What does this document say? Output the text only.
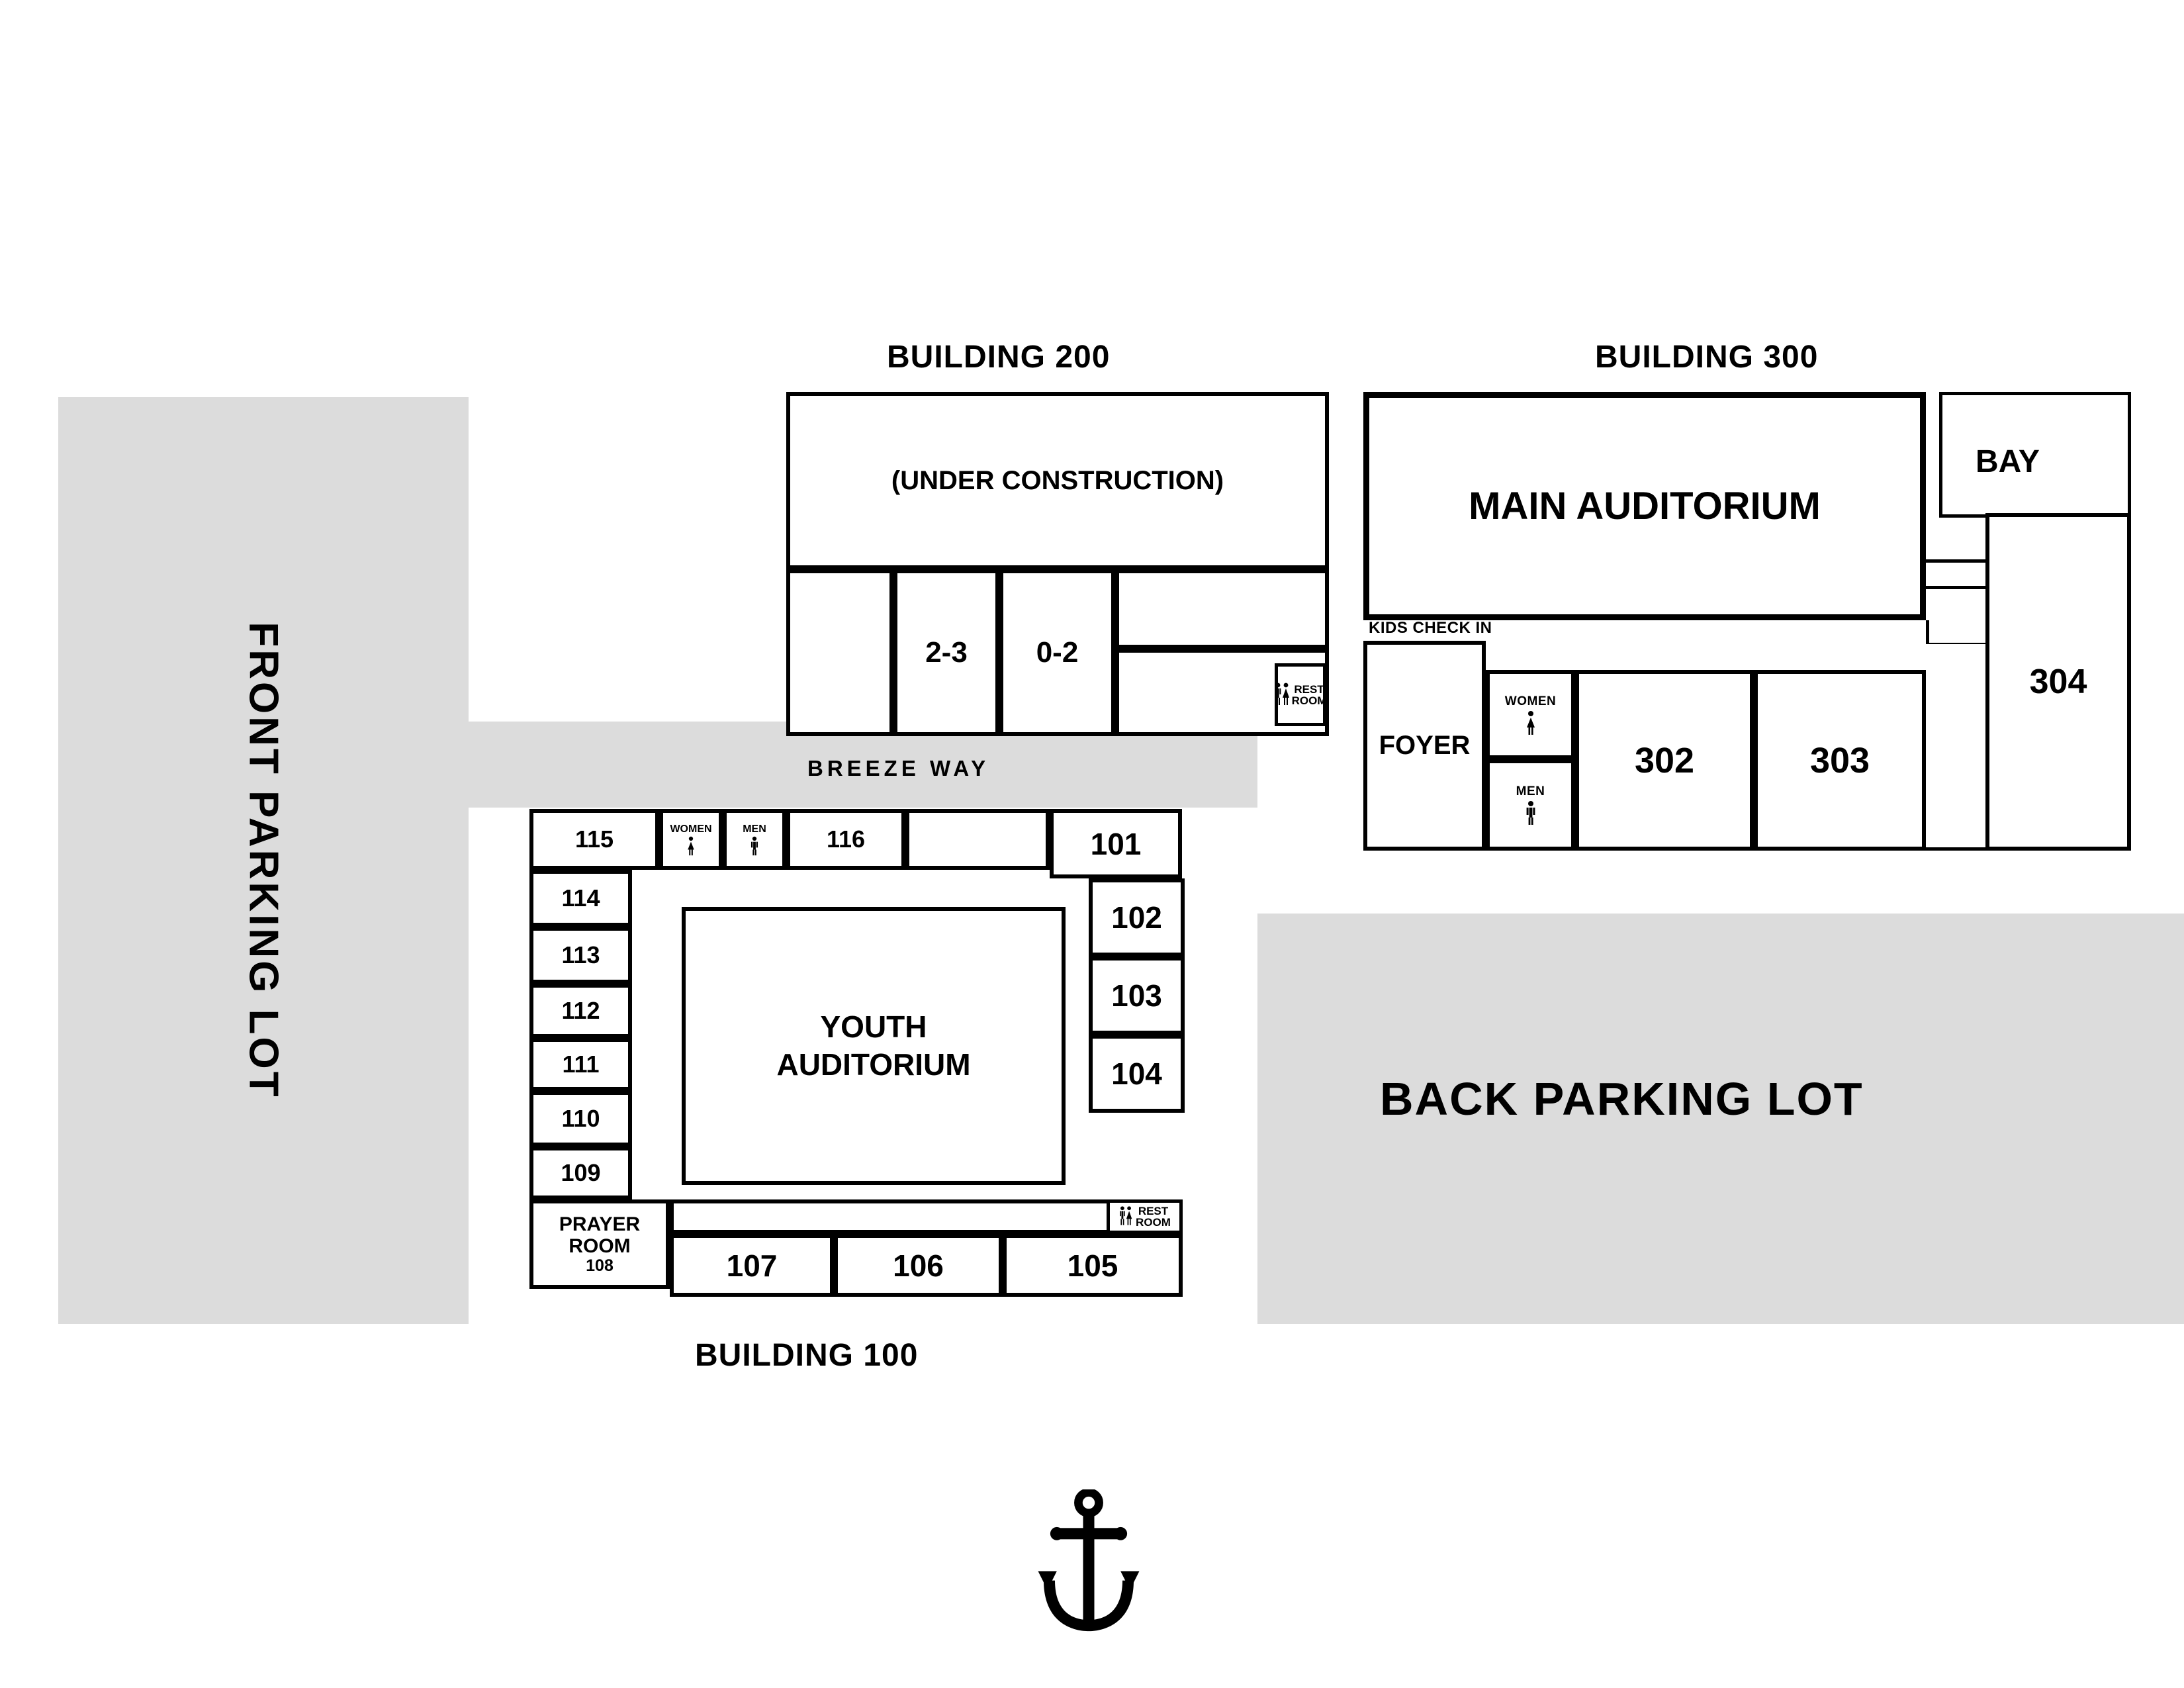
FRONT PARKING LOT	BACK PARKING LOT
BREEZE WAY
BUILDING 200
(UNDER CONSTRUCTION)
2-3 0-2
REST
ROOM
BUILDING 300
BAY
MAIN AUDITORIUM
304
KIDS CHECK IN
FOYER
WOMEN
MEN
302	303
BUILDING 100
115	WOMEN	MEN	116	101
102
103
104
114
113
112
111
110
109
PRAYER
ROOM
108	107	106	105
REST
ROOM
YOUTH
AUDITORIUM
